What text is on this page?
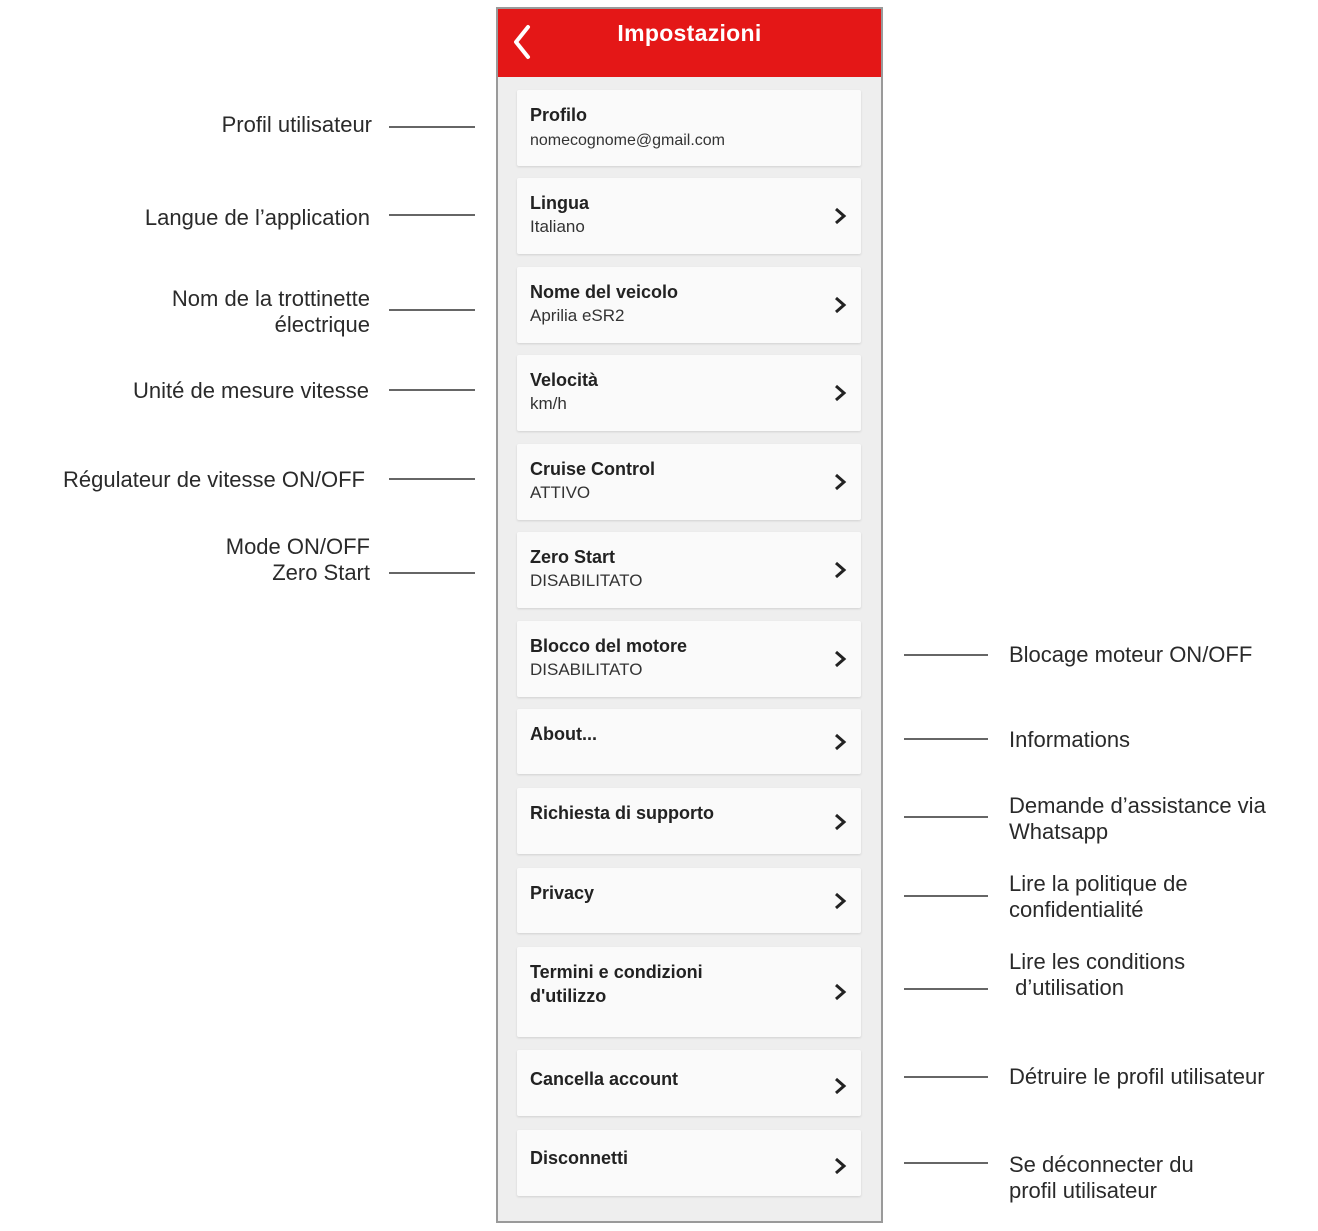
Impostazioni
Profilo
nomecognome@gmail.com
Lingua
Italiano
Nome del veicolo
Aprilia eSR2
Velocità
km/h
Cruise Control
ATTIVO
Zero Start
DISABILITATO
Blocco del motore
DISABILITATO
About...
Richiesta di supporto
Privacy
Termini e condizioni
d'utilizzo
Cancella account
Disconnetti
Profil utilisateur
Langue de l’application
Nom de la trottinette
électrique
Unité de mesure vitesse
Régulateur de vitesse ON/OFF
Mode ON/OFF
Zero Start
Blocage moteur ON/OFF
Informations
Demande d’assistance via
Whatsapp
Lire la politique de
confidentialité
Lire les conditions
d’utilisation
Détruire le profil utilisateur
Se déconnecter du
profil utilisateur
